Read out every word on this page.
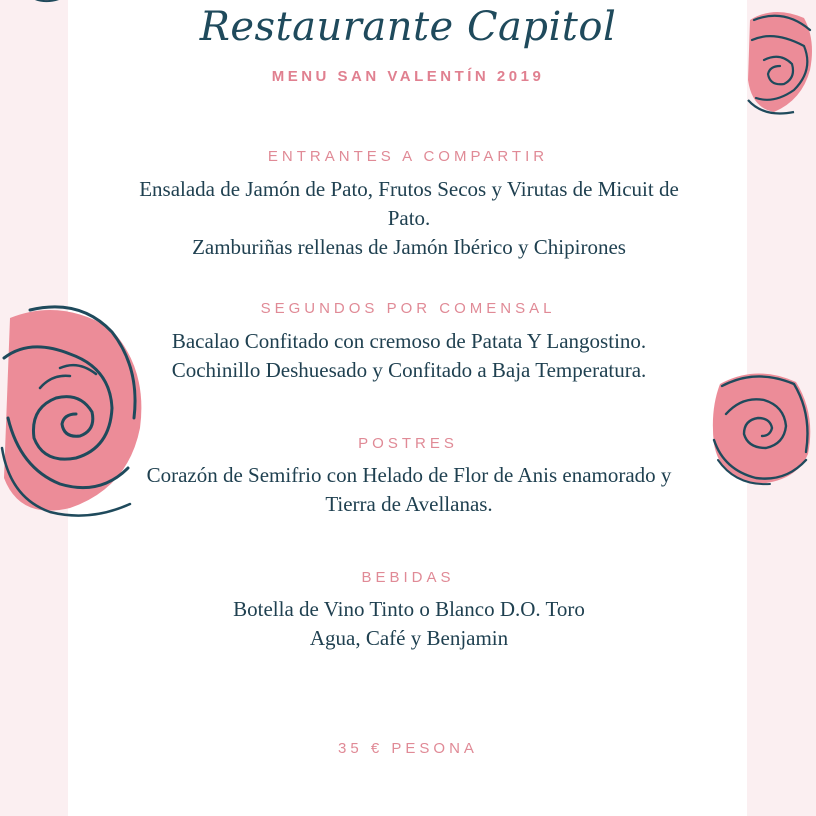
Restaurante Capitol
MENU SAN VALENTÍN 2019
ENTRANTES A COMPARTIR
Ensalada de Jamón de Pato, Frutos Secos y Virutas de Micuit de Pato.
Zamburiñas rellenas de Jamón Ibérico y Chipirones
SEGUNDOS POR COMENSAL
Bacalao Confitado con cremoso de Patata Y Langostino.
Cochinillo Deshuesado y Confitado a Baja Temperatura.
POSTRES
Corazón de Semifrio con Helado de Flor de Anis enamorado y Tierra de Avellanas.
BEBIDAS
Botella de Vino Tinto o Blanco D.O. Toro
Agua, Café y Benjamin
35 € PESONA
